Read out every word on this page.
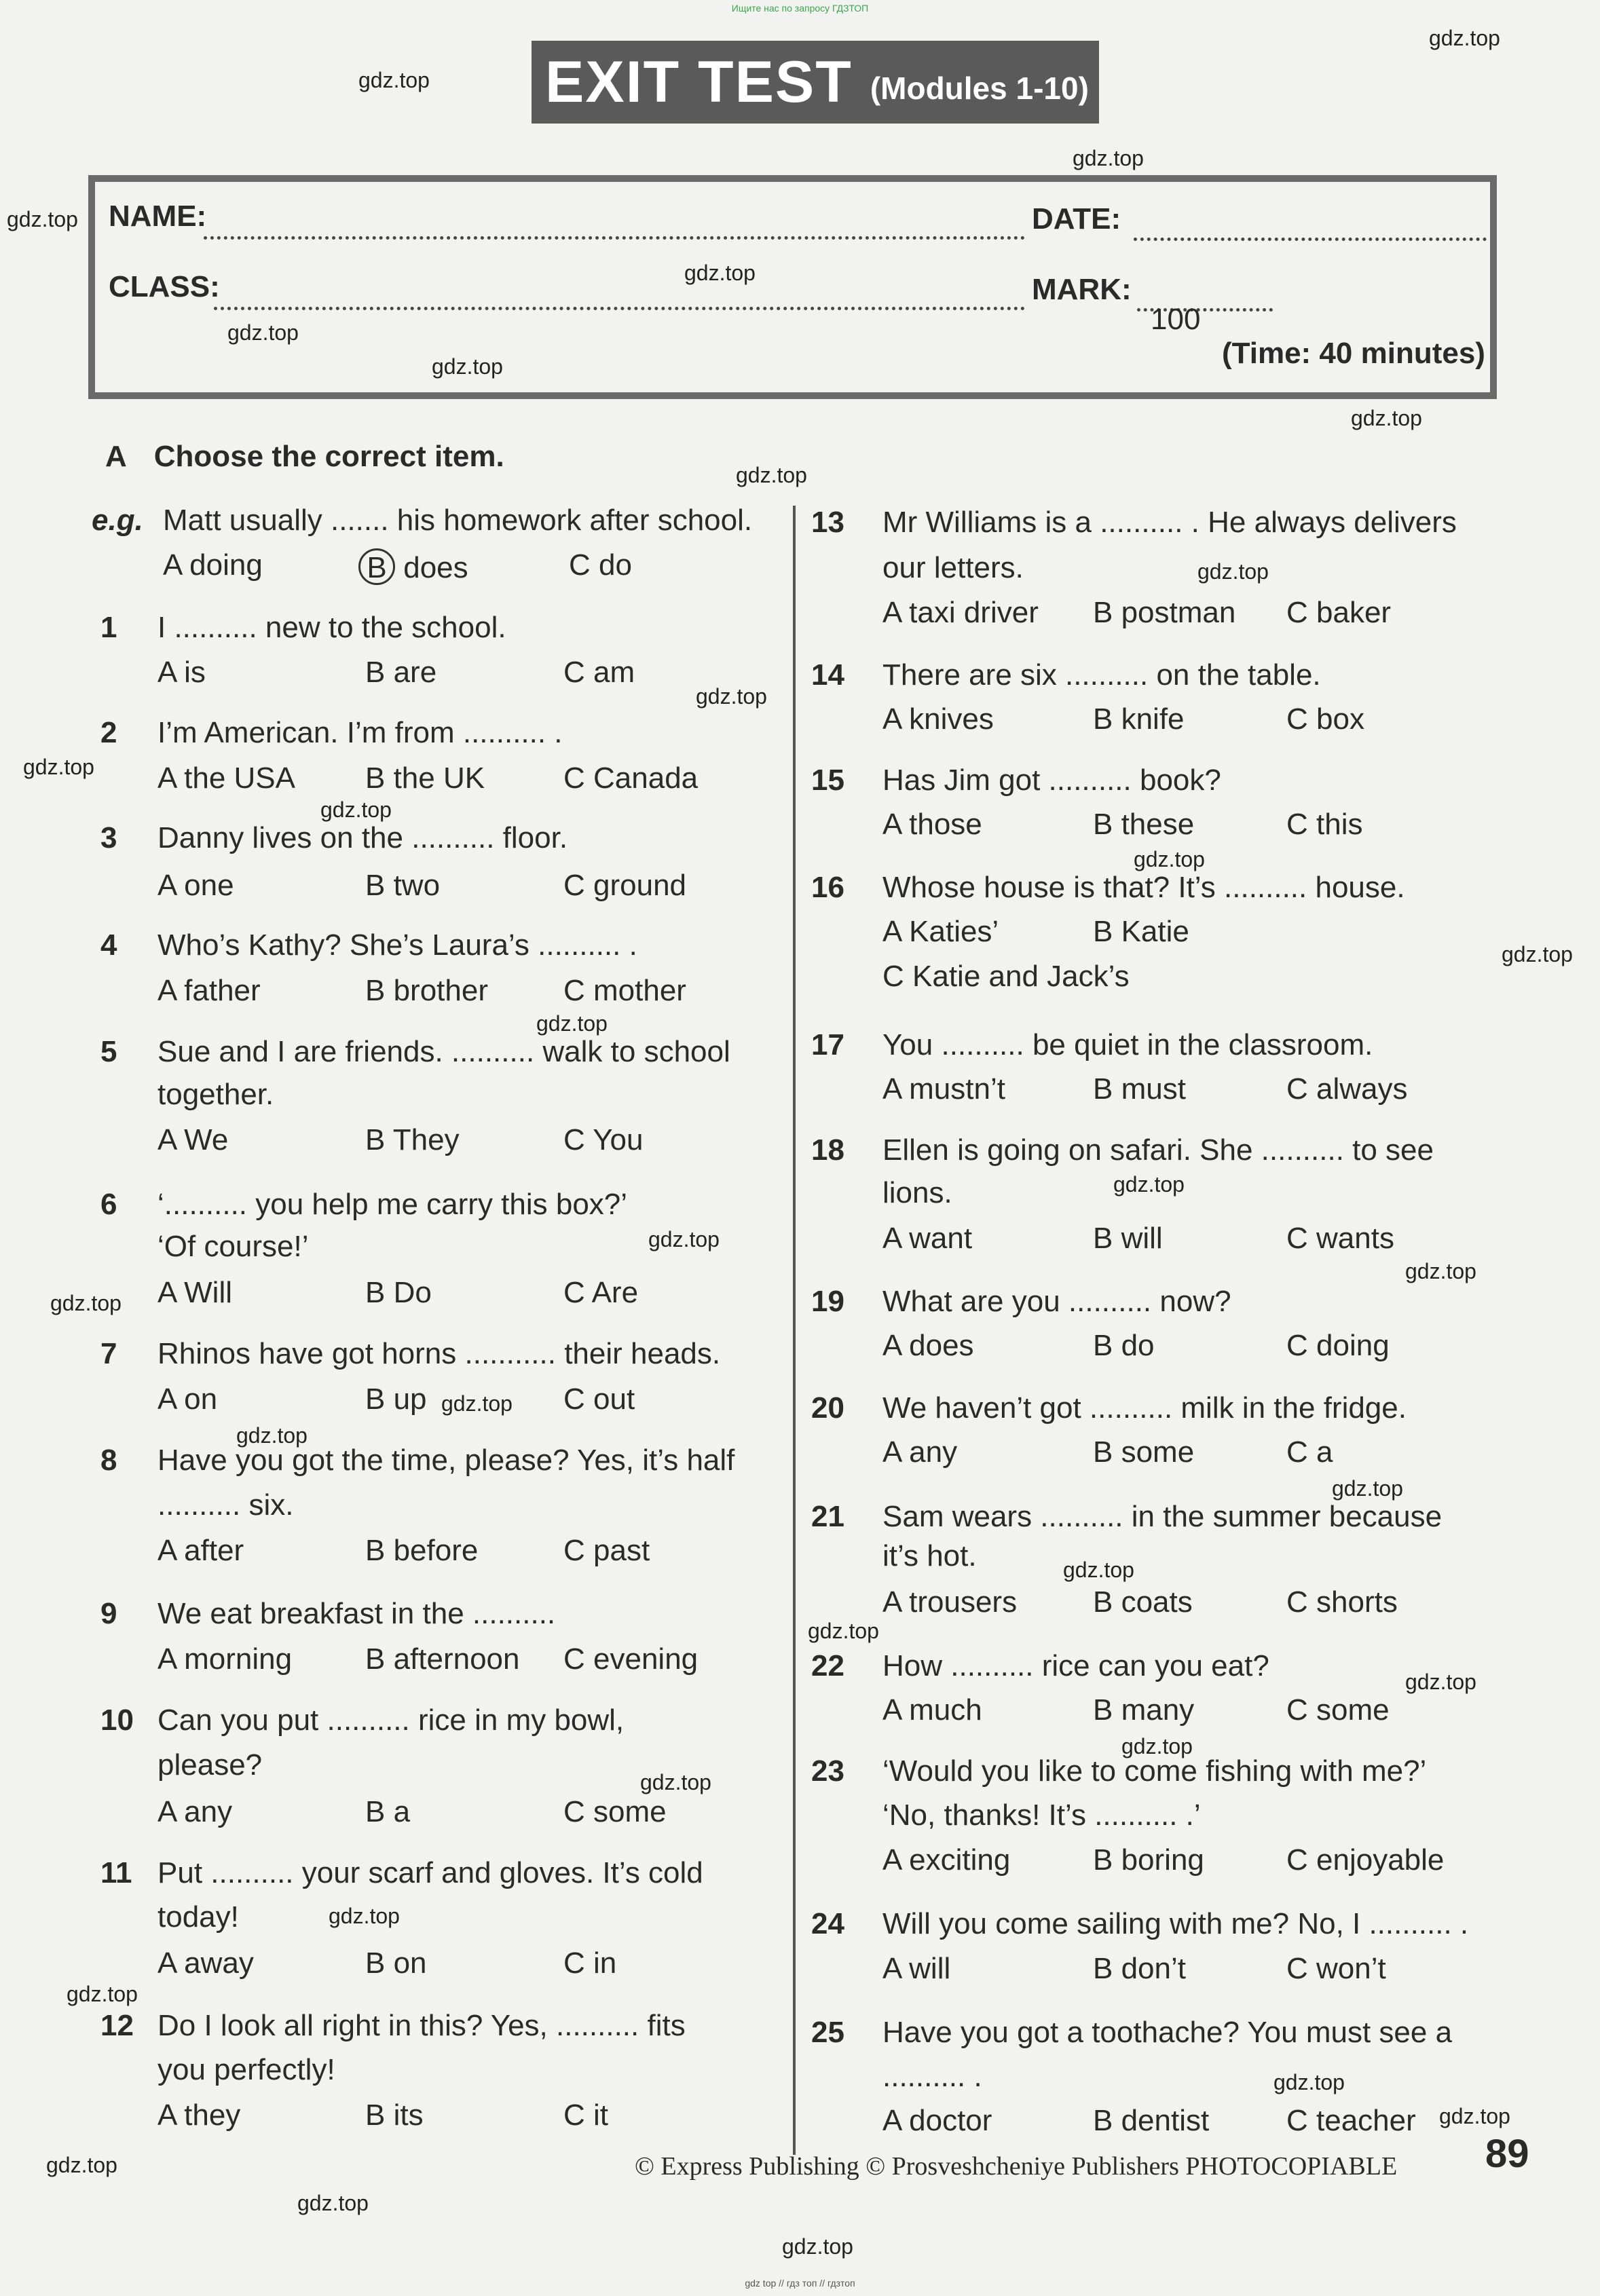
Ищите нас по запросу ГДЗТОП
EXIT TEST (Modules 1-10)
NAME:	DATE:
CLASS:	MARK:
100
(Time: 40 minutes)
A Choose the correct item.
e.g. Matt usually ....... his homework after school.
A doing	B does	C do
1 I .......... new to the school.
A is	B are	C am
2 I’m American. I’m from .......... .
A the USA B the UK	C Canada
3 Danny lives on the .......... floor.
A one	B two	C ground
4 Who’s Kathy? She’s Laura’s .......... .
A father	B brother	C mother
5 Sue and I are friends. .......... walk to school
together.
A We	B They	C You
6 ‘.......... you help me carry this box?’
‘Of course!’
A Will	B Do	C Are
7 Rhinos have got horns ........... their heads.
A on	B up	C out
8 Have you got the time, please? Yes, it’s half
.......... six.
A after	B before	C past
9 We eat breakfast in the ..........
A morning B afternoon C evening
10 Can you put .......... rice in my bowl,
please?
A any	B a	C some
11 Put .......... your scarf and gloves. It’s cold
today!
A away	B on	C in
12 Do I look all right in this? Yes, .......... fits
you perfectly!
A they	B its	C it
13 Mr Williams is a .......... . He always delivers
our letters.
A taxi driver B postman C baker
14 There are six .......... on the table.
A knives	B knife	C box
15 Has Jim got .......... book?
A those	B these	C this
16 Whose house is that? It’s .......... house.
A Katies’	B Katie
C Katie and Jack’s
17 You .......... be quiet in the classroom.
A mustn’t	B must	C always
18 Ellen is going on safari. She .......... to see
lions.
A want	B will	C wants
19 What are you .......... now?
A does	B do	C doing
20 We haven’t got .......... milk in the fridge.
A any	B some	C a
21 Sam wears .......... in the summer because
it’s hot.
A trousers	B coats	C shorts
22 How .......... rice can you eat?
A much	B many	C some
23 ‘Would you like to come fishing with me?’
‘No, thanks! It’s .......... .’
A exciting	B boring	C enjoyable
24 Will you come sailing with me? No, I .......... .
A will	B don’t	C won’t
25 Have you got a toothache? You must see a
.......... .
A doctor	B dentist	C teacher
© Express Publishing © Prosveshcheniye Publishers PHOTOCOPIABLE 89
gdz top // гдз топ // гдзтоп
gdz.top
gdz.top
gdz.top
gdz.top
gdz.top
gdz.top
gdz.top
gdz.top
gdz.top
gdz.top
gdz.top
gdz.top
gdz.top
gdz.top
gdz.top
gdz.top
gdz.top
gdz.top
gdz.top
gdz.top
gdz.top
gdz.top
gdz.top
gdz.top
gdz.top
gdz.top
gdz.top
gdz.top
gdz.top
gdz.top
gdz.top
gdz.top
gdz.top
gdz.top
gdz.top
